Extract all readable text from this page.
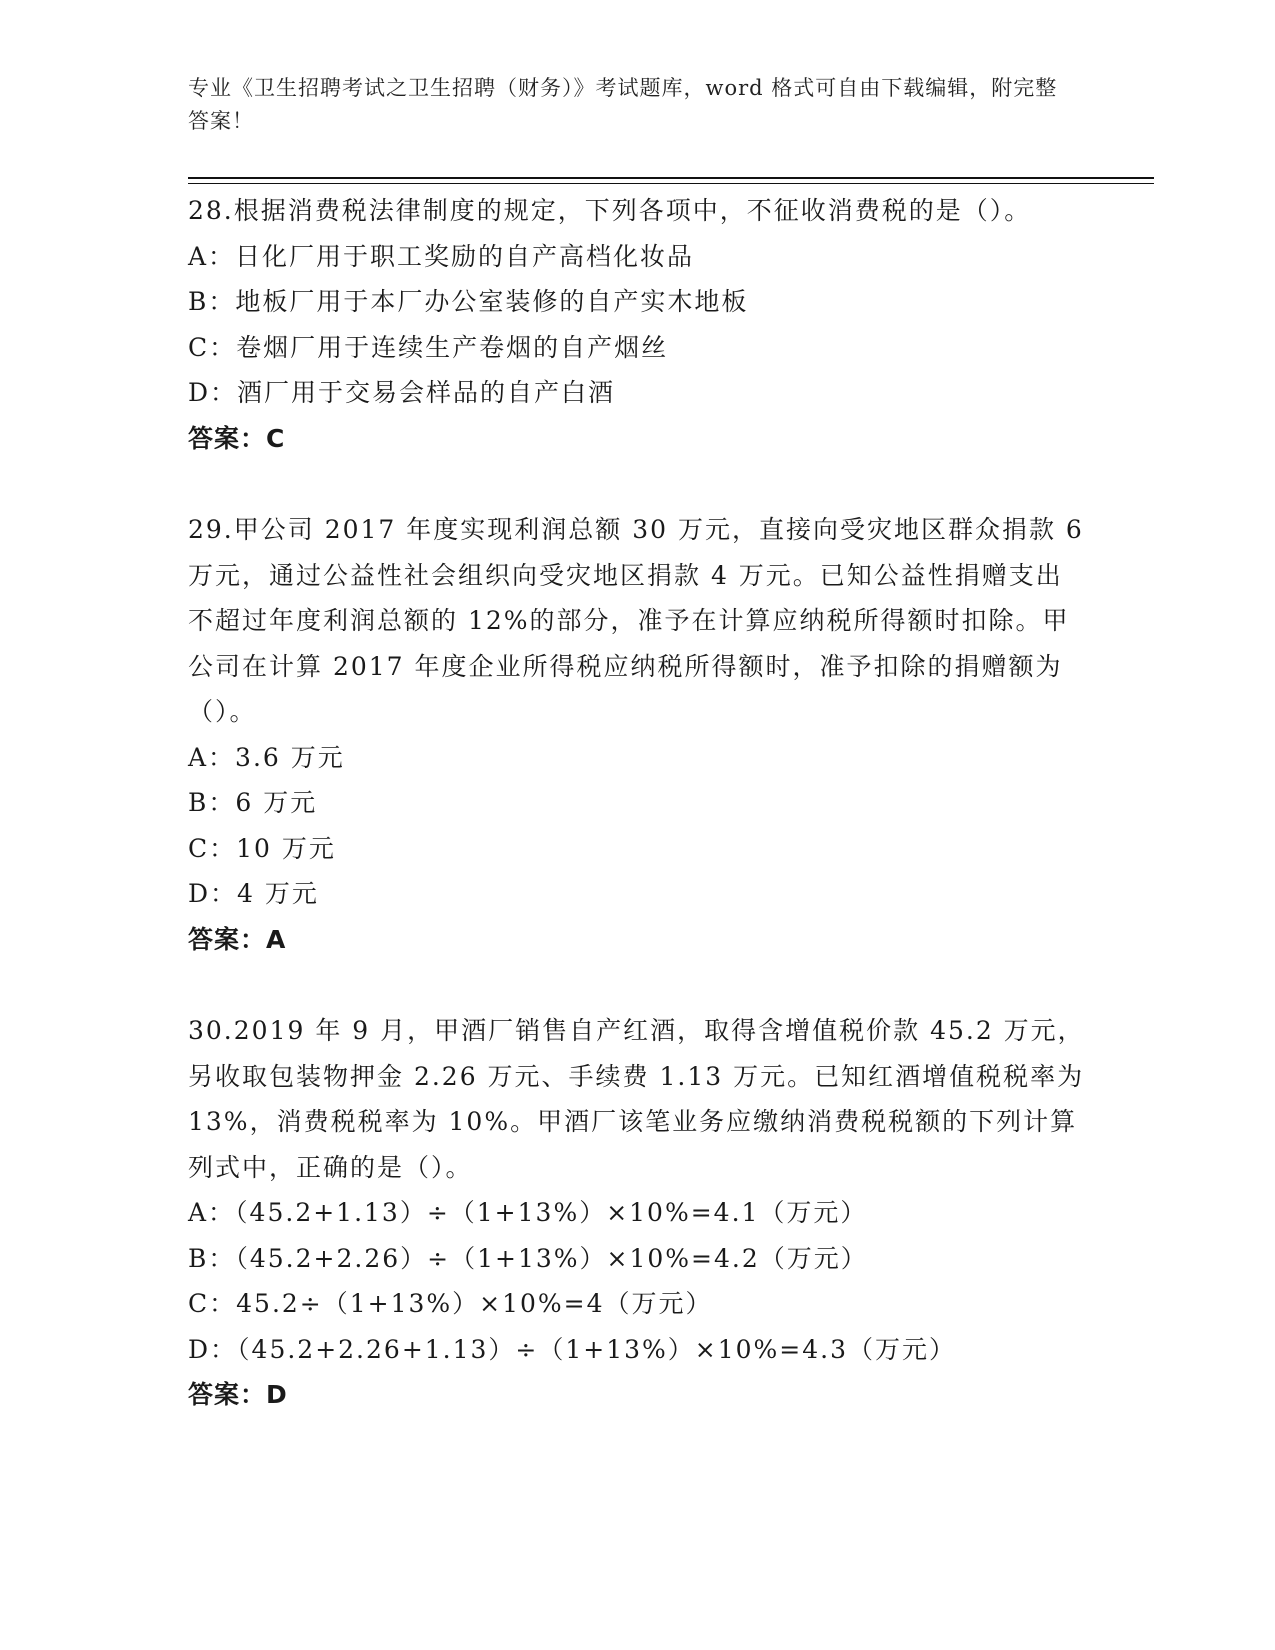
专业《卫生招聘考试之卫生招聘（财务）》考试题库，word 格式可自由下载编辑，附完整答案！

28.根据消费税法律制度的规定，下列各项中，不征收消费税的是（）。

A：日化厂用于职工奖励的自产高档化妆品

B：地板厂用于本厂办公室装修的自产实木地板

C：卷烟厂用于连续生产卷烟的自产烟丝

D：酒厂用于交易会样品的自产白酒

答案：C

29.甲公司 2017 年度实现利润总额 30 万元，直接向受灾地区群众捐款 6 万元，通过公益性社会组织向受灾地区捐款 4 万元。已知公益性捐赠支出不超过年度利润总额的 12%的部分，准予在计算应纳税所得额时扣除。甲公司在计算 2017 年度企业所得税应纳税所得额时，准予扣除的捐赠额为（）。

A：3.6 万元

B：6 万元

C：10 万元

D：4 万元

答案：A

30.2019 年 9 月，甲酒厂销售自产红酒，取得含增值税价款 45.2 万元，另收取包装物押金 2.26 万元、手续费 1.13 万元。已知红酒增值税税率为 13%，消费税税率为 10%。甲酒厂该笔业务应缴纳消费税税额的下列计算列式中，正确的是（）。

A：（45.2+1.13）÷（1+13%）×10%=4.1（万元）

B：（45.2+2.26）÷（1+13%）×10%=4.2（万元）

C：45.2÷（1+13%）×10%=4（万元）

D：（45.2+2.26+1.13）÷（1+13%）×10%=4.3（万元）

答案：D
